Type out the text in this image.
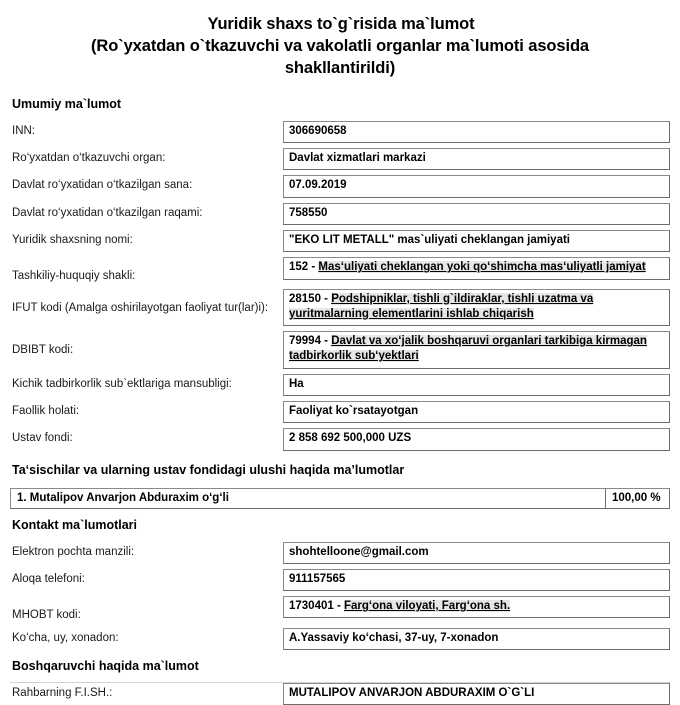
Yuridik shaxs to`g`risida ma`lumot
(Ro`yxatdan o`tkazuvchi va vakolatli organlar ma`lumoti asosida
shakllantirildi)
Umumiy ma`lumot
INN:	306690658
Ro‘yxatdan o‘tkazuvchi organ:	Davlat xizmatlari markazi
Davlat ro‘yxatidan o‘tkazilgan sana:	07.09.2019
Davlat ro‘yxatidan o‘tkazilgan raqami:	758550
Yuridik shaxsning nomi:	"EKO LIT METALL" mas`uliyati cheklangan jamiyati
Tashkiliy-huquqiy shakli:
152 - Mas‘uliyati cheklangan yoki qo‘shimcha mas‘uliyatli jamiyat
IFUT kodi (Amalga oshirilayotgan faoliyat tur(lar)i):
28150 - Podshipniklar, tishli g`ildiraklar, tishli uzatma va yuritmalarning elementlarini ishlab chiqarish
DBIBT kodi:
79994 - Davlat va xo‘jalik boshqaruvi organlari tarkibiga kirmagan tadbirkorlik sub‘yektlari
Kichik tadbirkorlik sub`ektlariga mansubligi:	Ha
Faollik holati:	Faoliyat ko`rsatayotgan
Ustav fondi:	2 858 692 500,000 UZS
Ta‘sischilar va ularning ustav fondidagi ulushi haqida ma’lumotlar
1. Mutalipov Anvarjon Abduraxim o‘g‘li	100,00 %
Kontakt ma`lumotlari
Elektron pochta manzili:	shohtelloone@gmail.com
Aloqa telefoni:	911157565
MHOBT kodi:
1730401 - Farg‘ona viloyati, Farg‘ona sh.
Ko‘cha, uy, xonadon:	A.Yassaviy ko‘chasi, 37-uy, 7-xonadon
Boshqaruvchi haqida ma`lumot
Rahbarning F.I.SH.:	MUTALIPOV ANVARJON ABDURAXIM O`G`LI
